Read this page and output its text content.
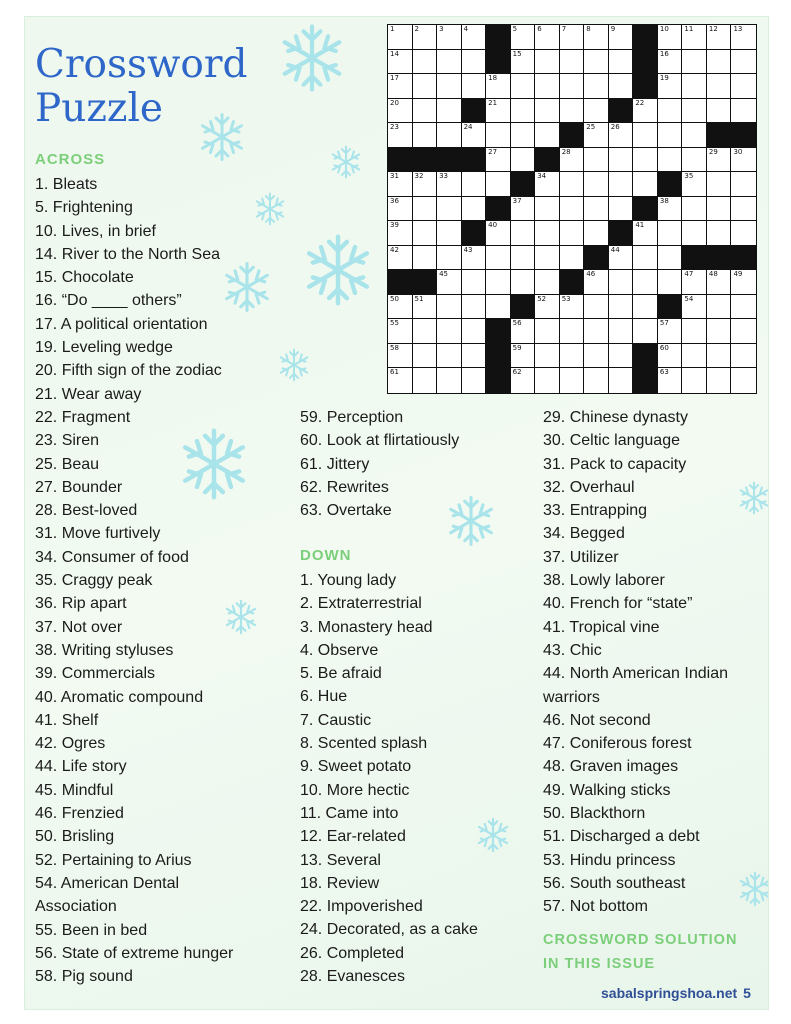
Crossword
Puzzle
1	2	3	4	5	6	7	8	9	10 11 12 13
14	15	16
17	18	19
20	21	22
23	24	25 26
27	28	29 30
31 32 33	34	35
36	37	38
39	40	41
42	43	44
45	46	47 48 49
50 51	52 53	54
55	56	57
58	59	60
61	62	63
ACROSS
1. Bleats
5. Frightening
10. Lives, in brief
14. River to the North Sea
15. Chocolate
16. “Do ____ others”
17. A political orientation
19. Leveling wedge
20. Fifth sign of the zodiac
21. Wear away
22. Fragment
23. Siren
25. Beau
27. Bounder
28. Best-loved
31. Move furtively
34. Consumer of food
35. Craggy peak
36. Rip apart
37. Not over
38. Writing styluses
39. Commercials
40. Aromatic compound
41. Shelf
42. Ogres
44. Life story
45. Mindful
46. Frenzied
50. Brisling
52. Pertaining to Arius
54. American Dental
Association
55. Been in bed
56. State of extreme hunger
58. Pig sound
59. Perception
60. Look at flirtatiously
61. Jittery
62. Rewrites
63. Overtake
DOWN
1. Young lady
2. Extraterrestrial
3. Monastery head
4. Observe
5. Be afraid
6. Hue
7. Caustic
8. Scented splash
9. Sweet potato
10. More hectic
11. Came into
12. Ear-related
13. Several
18. Review
22. Impoverished
24. Decorated, as a cake
26. Completed
28. Evanesces
29. Chinese dynasty
30. Celtic language
31. Pack to capacity
32. Overhaul
33. Entrapping
34. Begged
37. Utilizer
38. Lowly laborer
40. French for “state”
41. Tropical vine
43. Chic
44. North American Indian
warriors
46. Not second
47. Coniferous forest
48. Graven images
49. Walking sticks
50. Blackthorn
51. Discharged a debt
53. Hindu princess
56. South southeast
57. Not bottom
CROSSWORD SOLUTION
IN THIS ISSUE
sabalspringshoa.net 5
